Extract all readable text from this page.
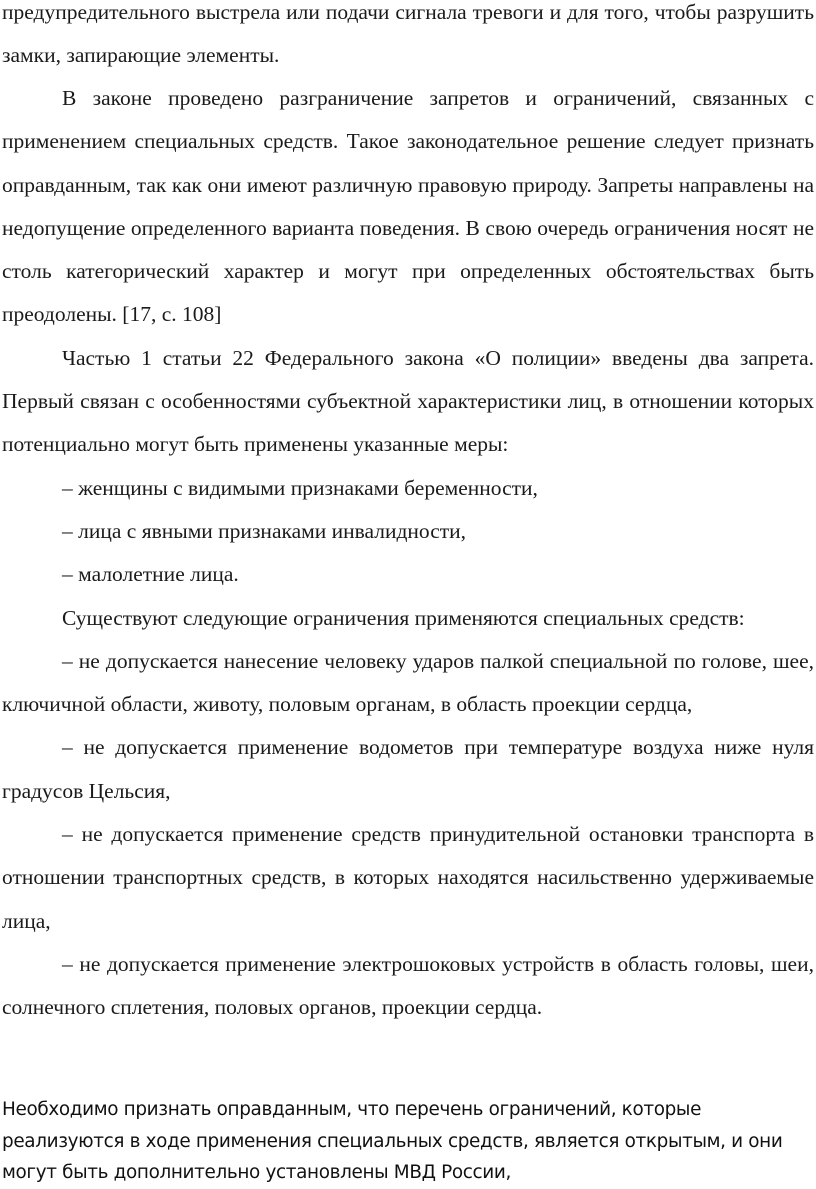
предупредительного выстрела или подачи сигнала тревоги и для того, чтобы разрушить замки, запирающие элементы.

В законе проведено разграничение запретов и ограничений, связанных с применением специальных средств. Такое законодательное решение следует признать оправданным, так как они имеют различную правовую природу. Запреты направлены на недопущение определенного варианта поведения. В свою очередь ограничения носят не столь категорический характер и могут при определенных обстоятельствах быть преодолены. [17, с. 108]

Частью 1 статьи 22 Федерального закона «О полиции» введены два запрета. Первый связан с особенностями субъектной характеристики лиц, в отношении которых потенциально могут быть применены указанные меры:

– женщины с видимыми признаками беременности,

– лица с явными признаками инвалидности,

– малолетние лица.

Существуют следующие ограничения применяются специальных средств:

– не допускается нанесение человеку ударов палкой специальной по голове, шее, ключичной области, животу, половым органам, в область проекции сердца,

– не допускается применение водометов при температуре воздуха ниже нуля градусов Цельсия,

– не допускается применение средств принудительной остановки транспорта в отношении транспортных средств, в которых находятся насильственно удерживаемые лица,

– не допускается применение электрошоковых устройств в область головы, шеи, солнечного сплетения, половых органов, проекции сердца.

Необходимо признать оправданным, что перечень ограничений, которые реализуются в ходе применения специальных средств, является открытым, и они могут быть дополнительно установлены МВД России,
